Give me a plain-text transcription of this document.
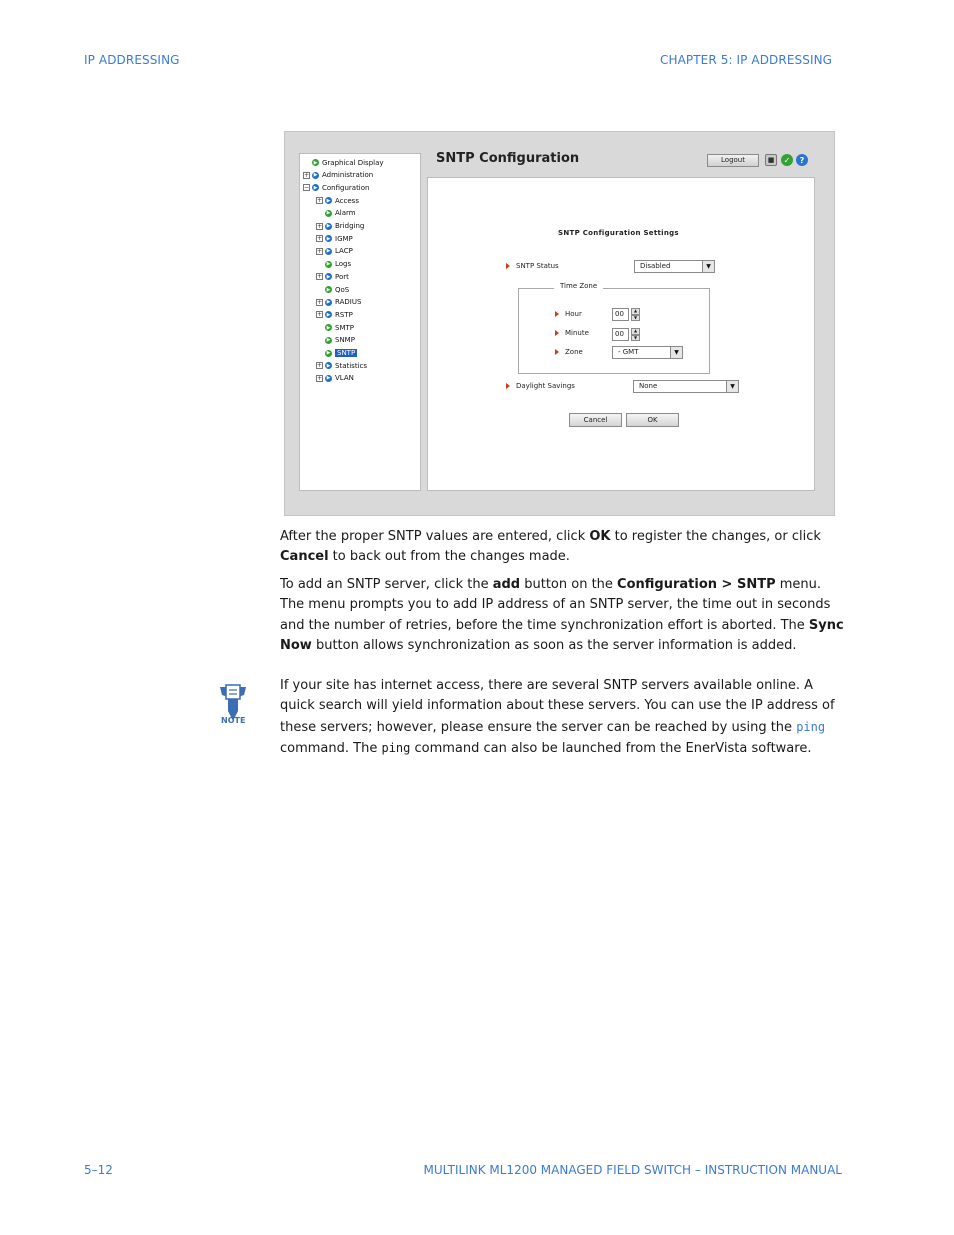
IP ADDRESSING	CHAPTER 5: IP ADDRESSING
▶ Graphical Display
+ ▶ Administration
− ▶ Configuration
+ ▶ Access
▶ Alarm
+ ▶ Bridging
+ ▶ IGMP
+ ▶ LACP
▶ Logs
+ ▶ Port
▶ QoS
+ ▶ RADIUS
+ ▶ RSTP
▶ SMTP
▶ SNMP
▶ SNTP
+ ▶ Statistics
+ ▶ VLAN
SNTP Configuration	Logout	■	✓	?
SNTP Configuration Settings
SNTP Status	Disabled	▼
Time Zone
Hour	00	▲
▼
Minute	00	▲
▼
Zone	- GMT	▼
Daylight Savings	None	▼
Cancel	OK
After the proper SNTP values are entered, click OK to register the changes, or click Cancel to back out from the changes made.
To add an SNTP server, click the add button on the Configuration > SNTP menu. The menu prompts you to add IP address of an SNTP server, the time out in seconds and the number of retries, before the time synchronization effort is aborted. The Sync Now button allows synchronization as soon as the server information is added.
NOTE
If your site has internet access, there are several SNTP servers available online. A quick search will yield information about these servers. You can use the IP address of these servers; however, please ensure the server can be reached by using the ping command. The ping command can also be launched from the EnerVista software.
5–12	MULTILINK ML1200 MANAGED FIELD SWITCH – INSTRUCTION MANUAL
